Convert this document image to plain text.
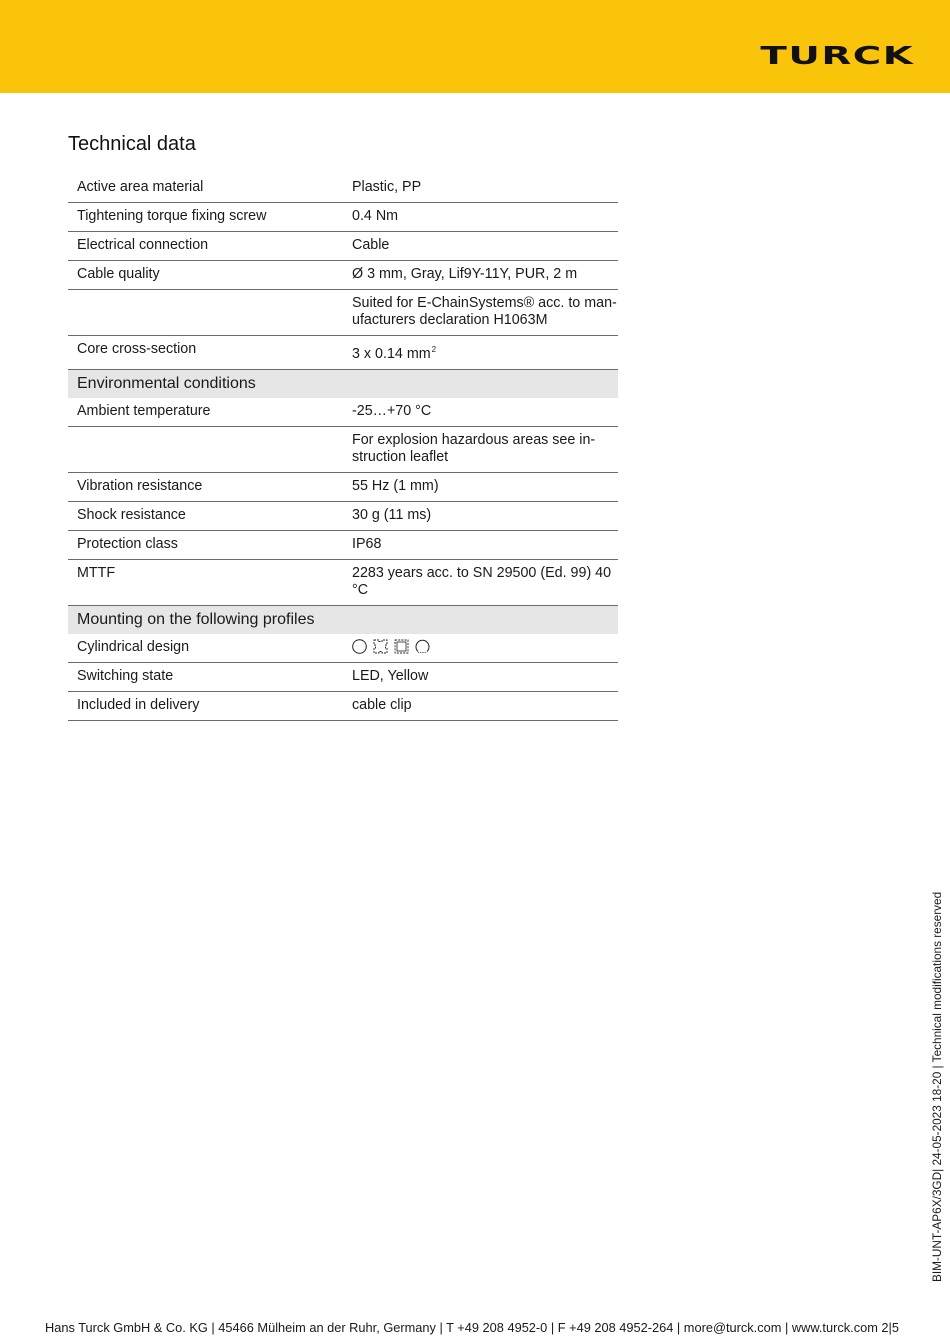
TURCK
Technical data
Active area material	Plastic, PP
Tightening torque fixing screw	0.4 Nm
Electrical connection	Cable
Cable quality	Ø 3 mm, Gray, Lif9Y-11Y, PUR, 2 m
	Suited for E-ChainSystems® acc. to man-ufacturers declaration H1063M
Core cross-section	3 x 0.14 $mm^2$
Environmental conditions	
Ambient temperature	-25…+70 °C
	For explosion hazardous areas see in-struction leaflet
Vibration resistance	55 Hz (1 mm)
Shock resistance	30 g (11 ms)
Protection class	IP68
MTTF	2283 years acc. to SN 29500 (Ed. 99) 40 °C
Mounting on the following profiles	
Cylindrical design	

Switching state	LED, Yellow
Included in delivery	cable clip
BIM-UNT-AP6X/3GD| 24-05-2023 18-20 | Technical modifications reserved
Hans Turck GmbH & Co. KG | 45466 Mülheim an der Ruhr, Germany | T +49 208 4952-0 | F +49 208 4952-264 | more@turck.com | www.turck.com 2|5
